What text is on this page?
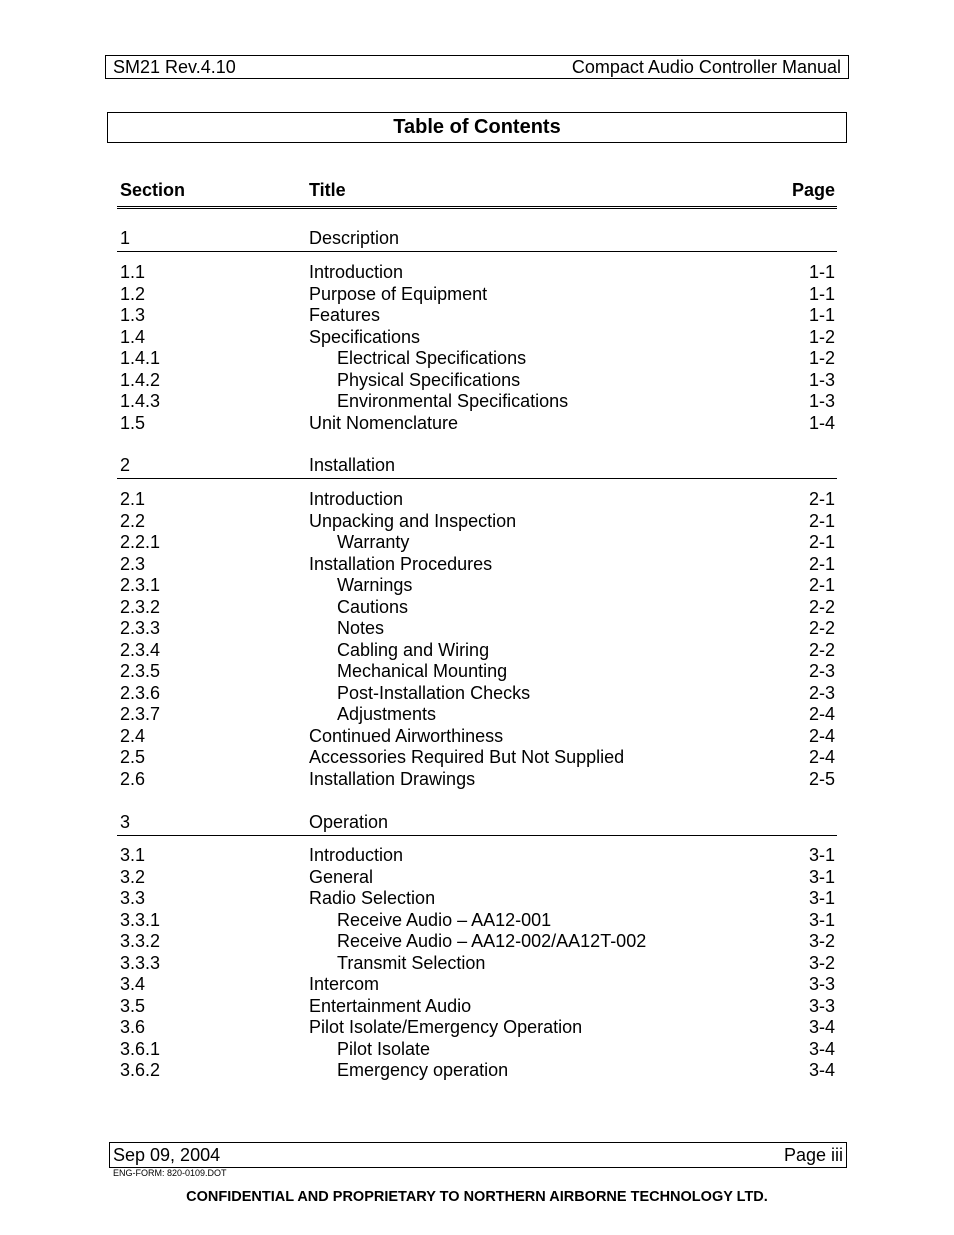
SM21 Rev.4.10	Compact Audio Controller Manual
Table of Contents
Section	Title	Page
1	Description
1.1	Introduction	1-1
1.2	Purpose of Equipment	1-1
1.3	Features	1-1
1.4	Specifications	1-2
1.4.1	Electrical Specifications	1-2
1.4.2	Physical Specifications	1-3
1.4.3	Environmental Specifications	1-3
1.5	Unit Nomenclature	1-4
2	Installation
2.1	Introduction	2-1
2.2	Unpacking and Inspection	2-1
2.2.1	Warranty	2-1
2.3	Installation Procedures	2-1
2.3.1	Warnings	2-1
2.3.2	Cautions	2-2
2.3.3	Notes	2-2
2.3.4	Cabling and Wiring	2-2
2.3.5	Mechanical Mounting	2-3
2.3.6	Post-Installation Checks	2-3
2.3.7	Adjustments	2-4
2.4	Continued Airworthiness	2-4
2.5	Accessories Required But Not Supplied	2-4
2.6	Installation Drawings	2-5
3	Operation
3.1	Introduction	3-1
3.2	General	3-1
3.3	Radio Selection	3-1
3.3.1	Receive Audio – AA12-001	3-1
3.3.2	Receive Audio – AA12-002/AA12T-002	3-2
3.3.3	Transmit Selection	3-2
3.4	Intercom	3-3
3.5	Entertainment Audio	3-3
3.6	Pilot Isolate/Emergency Operation	3-4
3.6.1	Pilot Isolate	3-4
3.6.2	Emergency operation	3-4
Sep 09, 2004	Page iii
ENG-FORM: 820-0109.DOT
CONFIDENTIAL AND PROPRIETARY TO NORTHERN AIRBORNE TECHNOLOGY LTD.
